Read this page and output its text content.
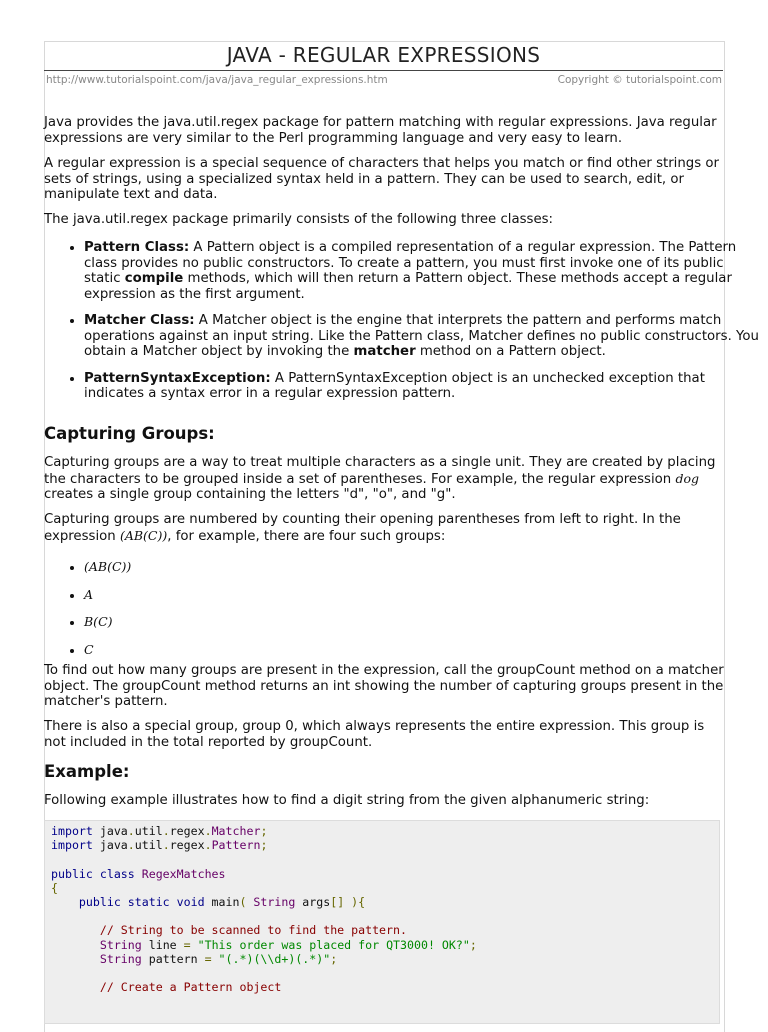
JAVA - REGULAR EXPRESSIONS
http://www.tutorialspoint.com/java/java_regular_expressions.htm	Copyright © tutorialspoint.com

Java provides the java.util.regex package for pattern matching with regular expressions. Java regular expressions are very similar to the Perl programming language and very easy to learn.

A regular expression is a special sequence of characters that helps you match or find other strings or sets of strings, using a specialized syntax held in a pattern. They can be used to search, edit, or manipulate text and data.

The java.util.regex package primarily consists of the following three classes:

• Pattern Class: A Pattern object is a compiled representation of a regular expression. The Pattern class provides no public constructors. To create a pattern, you must first invoke one of its public static compile methods, which will then return a Pattern object. These methods accept a regular expression as the first argument.
• Matcher Class: A Matcher object is the engine that interprets the pattern and performs match operations against an input string. Like the Pattern class, Matcher defines no public constructors. You obtain a Matcher object by invoking the matcher method on a Pattern object.
• PatternSyntaxException: A PatternSyntaxException object is an unchecked exception that indicates a syntax error in a regular expression pattern.
Capturing Groups:

Capturing groups are a way to treat multiple characters as a single unit. They are created by placing the characters to be grouped inside a set of parentheses. For example, the regular expression dog creates a single group containing the letters "d", "o", and "g".

Capturing groups are numbered by counting their opening parentheses from left to right. In the expression (AB(C)), for example, there are four such groups:

• (AB(C))
• A
• B(C)
• C

To find out how many groups are present in the expression, call the groupCount method on a matcher object. The groupCount method returns an int showing the number of capturing groups present in the matcher's pattern.

There is also a special group, group 0, which always represents the entire expression. This group is not included in the total reported by groupCount.

Example:

Following example illustrates how to find a digit string from the given alphanumeric string:

import java.util.regex.Matcher;
import java.util.regex.Pattern;
public class RegexMatches
{
public static void main( String args[] ){
// String to be scanned to find the pattern.
String line = "This order was placed for QT3000! OK?";
String pattern = "(.*)(\\d+)(.*)";
// Create a Pattern object
